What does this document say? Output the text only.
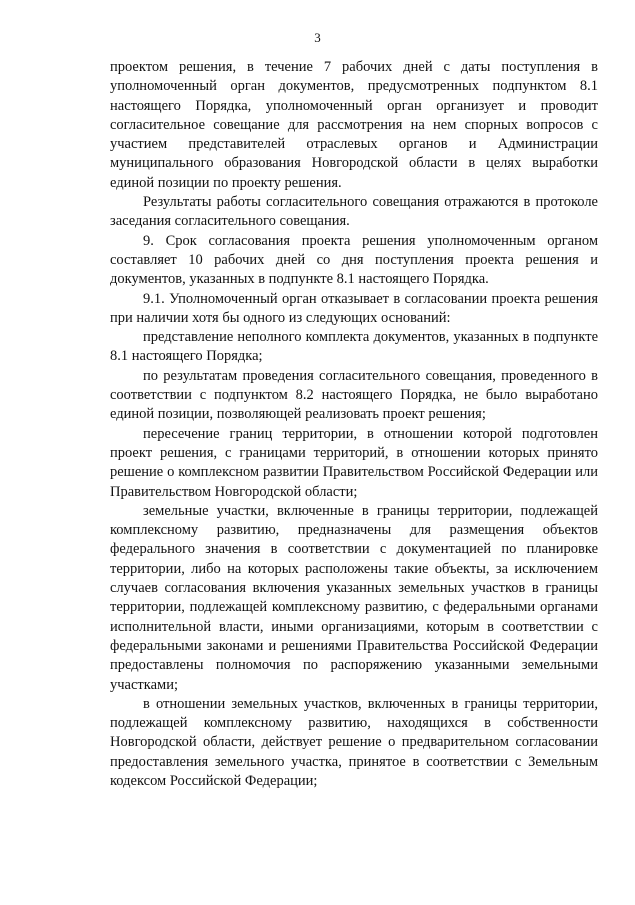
3

проектом решения, в течение 7 рабочих дней с даты поступления в уполномоченный орган документов, предусмотренных подпунктом 8.1 настоящего Порядка, уполномоченный орган организует и проводит согласительное совещание для рассмотрения на нем спорных вопросов с участием представителей отраслевых органов и Администрации муниципального образования Новгородской области в целях выработки единой позиции по проекту решения.

Результаты работы согласительного совещания отражаются в протоколе заседания согласительного совещания.

9. Срок согласования проекта решения уполномоченным органом составляет 10 рабочих дней со дня поступления проекта решения и документов, указанных в подпункте 8.1 настоящего Порядка.

9.1. Уполномоченный орган отказывает в согласовании проекта решения при наличии хотя бы одного из следующих оснований:

представление неполного комплекта документов, указанных в подпункте 8.1 настоящего Порядка;

по результатам проведения согласительного совещания, проведенного в соответствии с подпунктом 8.2 настоящего Порядка, не было выработано единой позиции, позволяющей реализовать проект решения;

пересечение границ территории, в отношении которой подготовлен проект решения, с границами территорий, в отношении которых принято решение о комплексном развитии Правительством Российской Федерации или Правительством Новгородской области;

земельные участки, включенные в границы территории, подлежащей комплексному развитию, предназначены для размещения объектов федерального значения в соответствии с документацией по планировке территории, либо на которых расположены такие объекты, за исключением случаев согласования включения указанных земельных участков в границы территории, подлежащей комплексному развитию, с федеральными органами исполнительной власти, иными организациями, которым в соответствии с федеральными законами и решениями Правительства Российской Федерации предоставлены полномочия по распоряжению указанными земельными участками;

в отношении земельных участков, включенных в границы территории, подлежащей комплексному развитию, находящихся в собственности Новгородской области, действует решение о предварительном согласовании предоставления земельного участка, принятое в соответствии с Земельным кодексом Российской Федерации;
